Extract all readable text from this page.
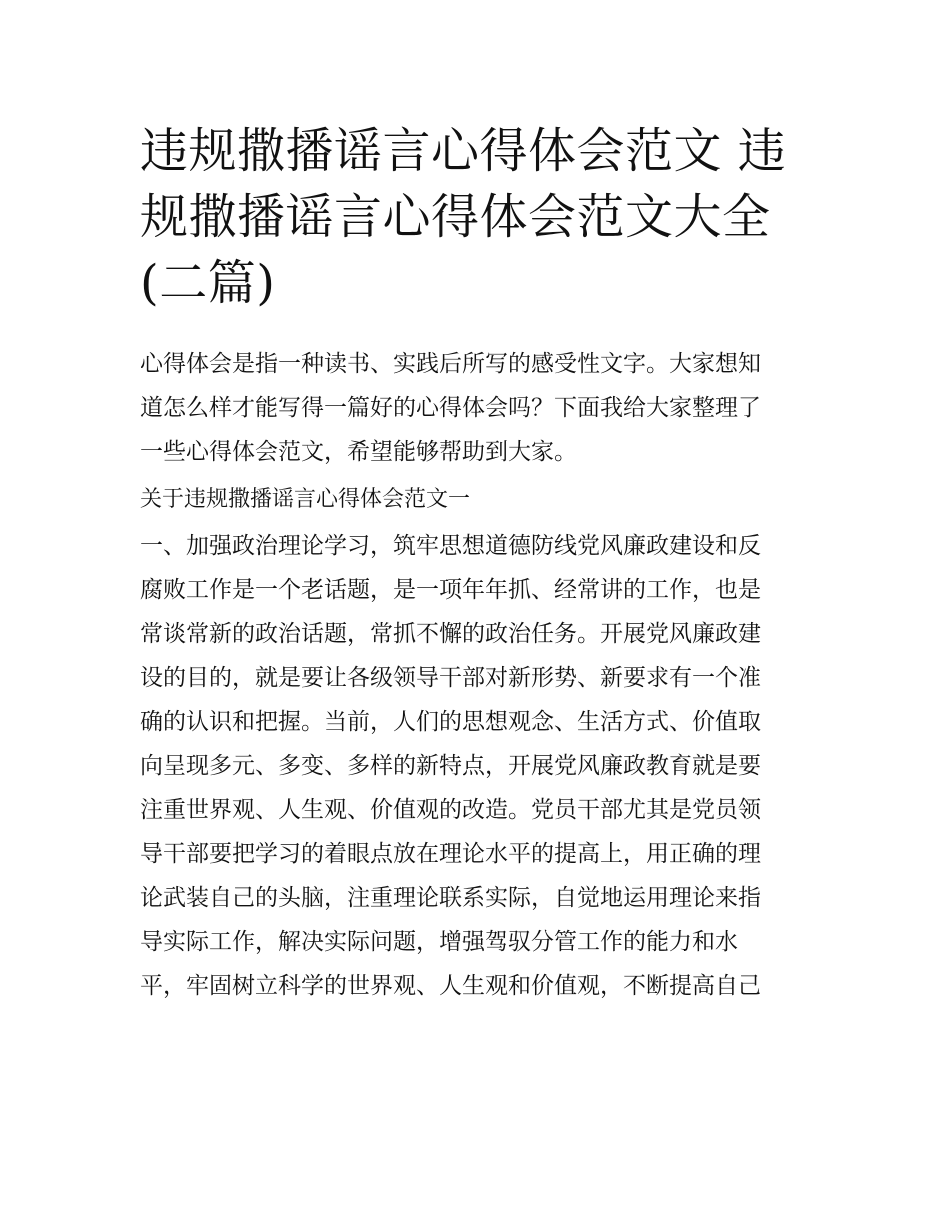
违规撒播谣言心得体会范文 违
规撒播谣言心得体会范文大全
(二篇)
心得体会是指一种读书、实践后所写的感受性文字。大家想知
道怎么样才能写得一篇好的心得体会吗？下面我给大家整理了
一些心得体会范文，希望能够帮助到大家。
关于违规撒播谣言心得体会范文一
一、加强政治理论学习，筑牢思想道德防线党风廉政建设和反
腐败工作是一个老话题，是一项年年抓、经常讲的工作，也是
常谈常新的政治话题，常抓不懈的政治任务。开展党风廉政建
设的目的，就是要让各级领导干部对新形势、新要求有一个准
确的认识和把握。当前，人们的思想观念、生活方式、价值取
向呈现多元、多变、多样的新特点，开展党风廉政教育就是要
注重世界观、人生观、价值观的改造。党员干部尤其是党员领
导干部要把学习的着眼点放在理论水平的提高上，用正确的理
论武装自己的头脑，注重理论联系实际，自觉地运用理论来指
导实际工作，解决实际问题，增强驾驭分管工作的能力和水
平，牢固树立科学的世界观、人生观和价值观，不断提高自己
